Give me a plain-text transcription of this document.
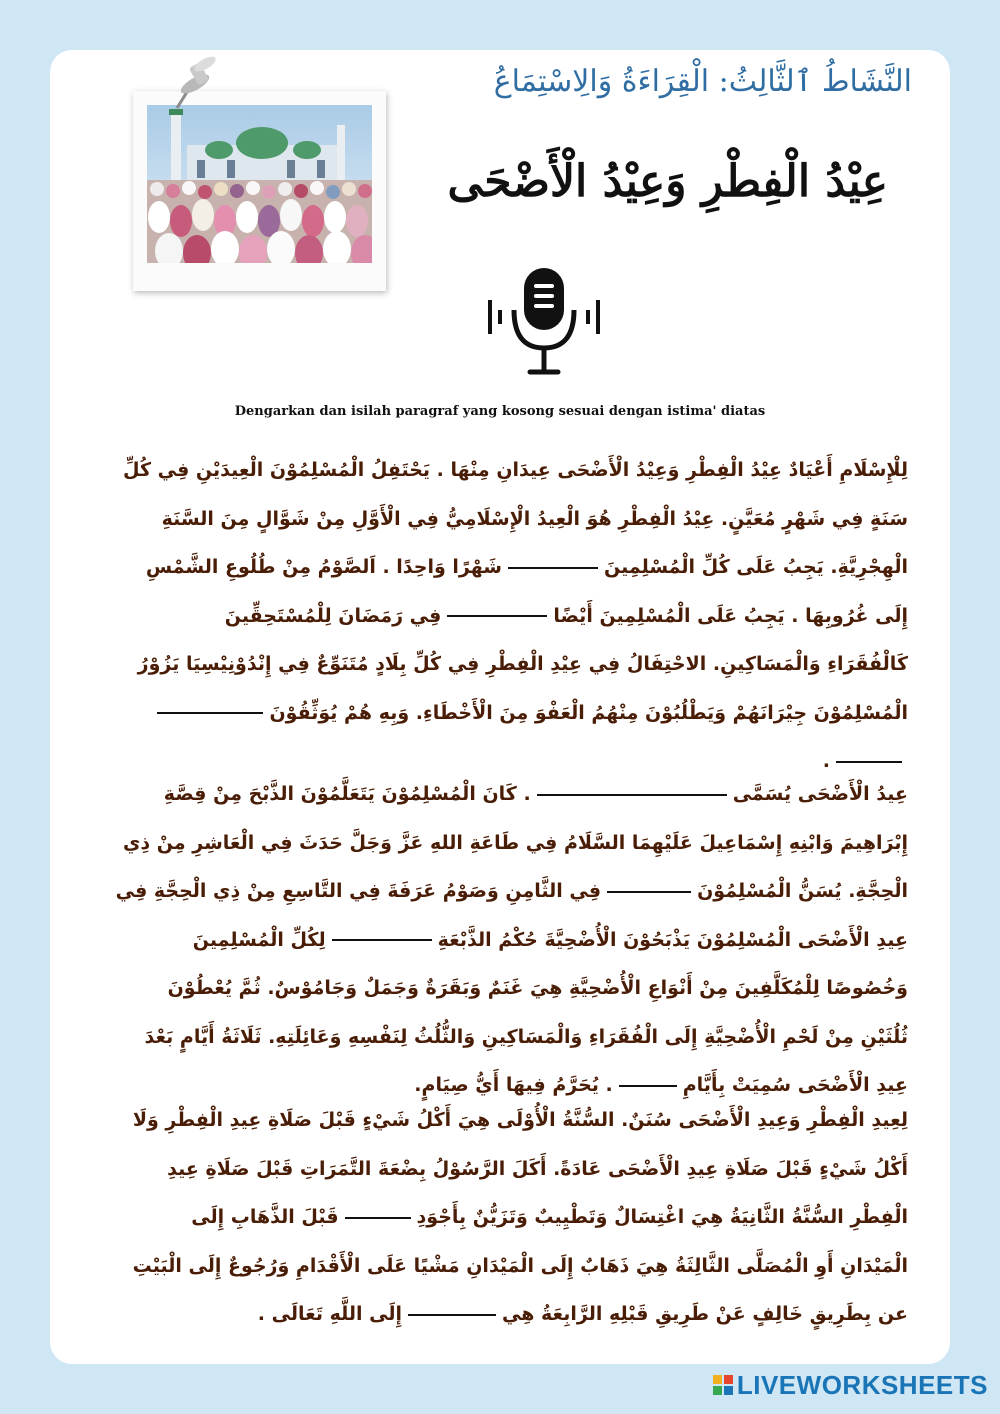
النَّشَاطُ ٱلثَّالِثُ: الْقِرَاءَةُ وَالِاسْتِمَاعُ
عِيْدُ الْفِطْرِ وَعِيْدُ الْأَضْحَى
Dengarkan dan isilah paragraf yang kosong sesuai dengan istima' diatas
لِلْإِسْلَامِ أَعْيَادٌ عِيْدُ الْفِطْرِ وَعِيْدُ الْأَضْحَى عِيدَانِ مِنْهَا . يَحْتَفِلُ الْمُسْلِمُوْنَ الْعِيدَيْنِ فِي كُلِّ
سَنَةٍ فِي شَهْرٍ مُعَيَّنٍ. عِيْدُ الْفِطْرِ هُوَ الْعِيدُ الْإِسْلَامِيُّ فِي الْأَوَّلِ مِنْ شَوَّالٍ مِنَ السَّنَةِ
الْهِجْرِيَّةِ. يَجِبُ عَلَى كُلِّ الْمُسْلِمِينَشَهْرًا وَاحِدًا . اَلصَّوْمُ مِنْ طُلُوعِ الشَّمْسِ
إِلَى غُرُوبِهَا . يَجِبُ عَلَى الْمُسْلِمِينَ أَيْضًافِي رَمَضَانَ لِلْمُسْتَحِقِّينَ
كَالْفُقَرَاءِ وَالْمَسَاكِينِ. الاحْتِفَالُ فِي عِيْدِ الْفِطْرِ فِي كُلِّ بِلَادٍ مُتَنَوِّعٌ فِي إِنْدُوْنِيْسِيَا يَزُوْرُ
الْمُسْلِمُوْنَ جِيْرَانَهُمْ وَيَطْلُبُوْنَ مِنْهُمُ الْعَفْوَ مِنَ الْأَخْطَاءِ. وَبِهِ هُمْ يُوَثِّقُوْنَ
.
عِيدُ الْأَضْحَى يُسَمَّى. كَانَ الْمُسْلِمُوْنَ يَتَعَلَّمُوْنَ الذَّبْحَ مِنْ قِصَّةِ
إِبْرَاهِيمَ وَابْنِهِ إِسْمَاعِيلَ عَلَيْهِمَا السَّلَامُ فِي طَاعَةِ اللهِ عَزَّ وَجَلَّ حَدَثَ فِي الْعَاشِرِ مِنْ ذِي
الْحِجَّةِ. يُسَنُّ الْمُسْلِمُوْنَفِي الثَّامِنِ وَصَوْمُ عَرَفَةَ فِي التَّاسِعِ مِنْ ذِي الْحِجَّةِ فِي
عِيدِ الْأَضْحَى الْمُسْلِمُوْنَ يَذْبَحُوْنَ الْأُضْحِيَّةَ حُكْمُ الذَّبْعَةِلِكُلِّ الْمُسْلِمِينَ
وَخُصُوصًا لِلْمُكَلَّفِينَ مِنْ أَنْوَاعِ الْأُضْحِيَّةِ هِيَ غَنَمٌ وَبَقَرَةٌ وَجَمَلٌ وَجَامُوْسٌ. ثُمَّ يُعْطُوْنَ
ثُلُثَيْنِ مِنْ لَحْمِ الْأُضْحِيَّةِ إِلَى الْفُقَرَاءِ وَالْمَسَاكِينِ وَالثُّلُثُ لِنَفْسِهِ وَعَائِلَتِهِ. ثَلَاثَةُ أَيَّامٍ بَعْدَ
عِيدِ الْأَضْحَى سُمِيَتْ بِأَيَّامِ. يُحَرَّمُ فِيهَا أَيُّ صِيَامٍ.
لِعِيدِ الْفِطْرِ وَعِيدِ الْأَضْحَى سُنَنٌ. السُّنَّةُ الْأُوْلَى هِيَ أَكْلُ شَيْءٍ قَبْلَ صَلَاةِ عِيدِ الْفِطْرِ وَلَا
أَكْلُ شَيْءٍ قَبْلَ صَلَاةِ عِيدِ الْأَضْحَى عَادَةً. أَكَلَ الرَّسُوْلُ بِضْعَةَ التَّمَرَاتِ قَبْلَ صَلَاةِ عِيدِ
الْفِطْرِ السُّنَّةُ الثَّانِيَةُ هِيَ اغْتِسَالٌ وَتَطْيِيبٌ وَتَزَيُّنٌ بِأَجْوَدِقَبْلَ الذَّهَابِ إِلَى
الْمَيْدَانِ أَوِ الْمُصَلَّى الثَّالِثَةُ هِيَ ذَهَابٌ إِلَى الْمَيْدَانِ مَشْيًا عَلَى الْأَقْدَامِ وَرُجُوعٌ إِلَى الْبَيْتِ
عن بِطَرِيقٍ خَالِفٍ عَنْ طَرِيقِ قَبْلِهِ الرَّابِعَةُ هِيإِلَى اللَّهِ تَعَالَى .
LIVEWORKSHEETS
